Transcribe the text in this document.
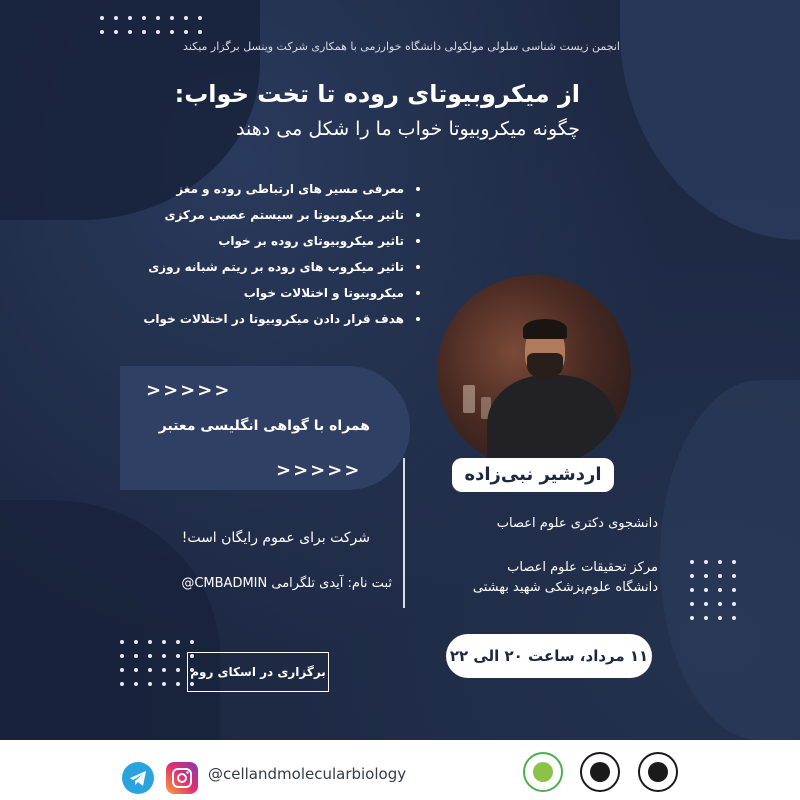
انجمن زیست شناسی سلولی مولکولی دانشگاه خوارزمی با همکاری شرکت وینسل برگزار میکند
از میکروبیوتای روده تا تخت خواب:
چگونه میکروبیوتا خواب ما را شکل می دهند
معرفی مسیر های ارتباطی روده و مغز
تاثیر میکروبیوتا بر سیستم عصبی مرکزی
تاثیر میکروبیوتای روده بر خواب
تاثیر میکروب های روده بر ریتم شبانه روزی
میکروبیوتا و اختلالات خواب
هدف قرار دادن میکروبیوتا در اختلالات خواب
>>>>>
همراه با گواهی انگلیسی معتبر
>>>>>	اردشیر نبی‌زاده
دانشجوی دکتری علوم اعصاب
مرکز تحقیقات علوم اعصاب
دانشگاه علوم‌پزشکی شهید بهشتی
۱۱ مرداد، ساعت ۲۰ الی ۲۲
شرکت برای عموم رایگان است!
ثبت نام: آیدی تلگرامی CMBADMIN@
برگزاری در اسکای روم
@cellandmolecularbiology
